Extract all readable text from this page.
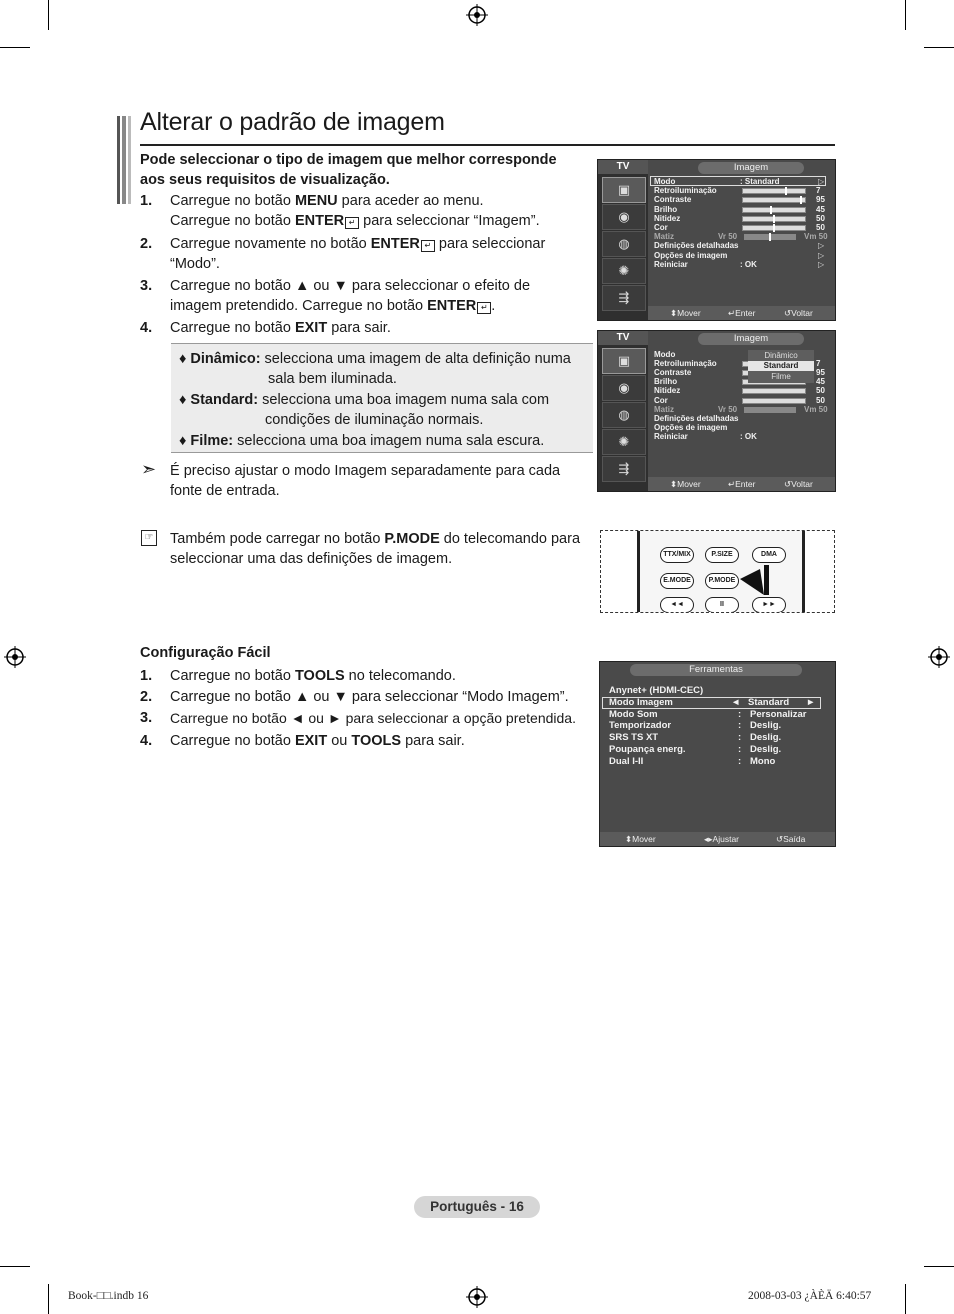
Alterar o padrão de imagem
Pode seleccionar o tipo de imagem que melhor corresponde
aos seus requisitos de visualização.
1. Carregue no botão MENU para aceder ao menu.
Carregue no botão ENTER ↵ para seleccionar “Imagem”.
2. Carregue novamente no botão ENTER ↵ para seleccionar
“Modo”.
3. Carregue no botão ▲ ou ▼ para seleccionar o efeito de
imagem pretendido. Carregue no botão ENTER ↵ .
4. Carregue no botão EXIT para sair.
♦ Dinâmico: selecciona uma imagem de alta definição numa
sala bem iluminada.
♦ Standard: selecciona uma boa imagem numa sala com
condições de iluminação normais.
♦ Filme: selecciona uma boa imagem numa sala escura.
➣ É preciso ajustar o modo Imagem separadamente para cada
fonte de entrada.
☞ Também pode carregar no botão P.MODE do telecomando para
seleccionar uma das definições de imagem.
Configuração Fácil
1. Carregue no botão TOOLS no telecomando.
2. Carregue no botão ▲ ou ▼ para seleccionar “Modo Imagem”.
3. Carregue no botão ◄ ou ► para seleccionar a opção pretendida.
4. Carregue no botão EXIT ou TOOLS para sair.
TV
▣
◉
◍
✺
⇶
Imagem
Modo	: Standard	▷
Retroiluminação	7
Contraste	95
Brilho	45
Nitidez	50
Cor	50
Matiz	Vr 50	Vm 50
Definições detalhadas	▷
Opções de imagem	▷
Reiniciar	: OK	▷
⬍ Mover	↵ Enter	↺ Voltar
TV
▣
◉
◍
✺
⇶
Imagem
Modo
Retroiluminação	7
Contraste	95
Brilho	45
Nitidez	50
Cor	50
Matiz	Vr 50	Vm 50
Definições detalhadas
Opções de imagem
Reiniciar	: OK
Dinâmico
Standard
Filme
⬍ Mover	↵ Enter	↺ Voltar
TTX/MIX	P.SIZE	DMA
E.MODE	P.MODE
◄◄	II	►►
Ferramentas
Anynet+ (HDMI-CEC)
Modo Imagem	◄ Standard ►
Modo Som	: Personalizar
Temporizador	: Deslig.
SRS TS XT	: Deslig.
Poupança energ.	: Deslig.
Dual I-II	: Mono
⬍ Mover	◂▸ Ajustar	↺ Saída
Português - 16
Book-□□.indb 16	2008-03-03 ¿ÀÈÄ 6:40:57
